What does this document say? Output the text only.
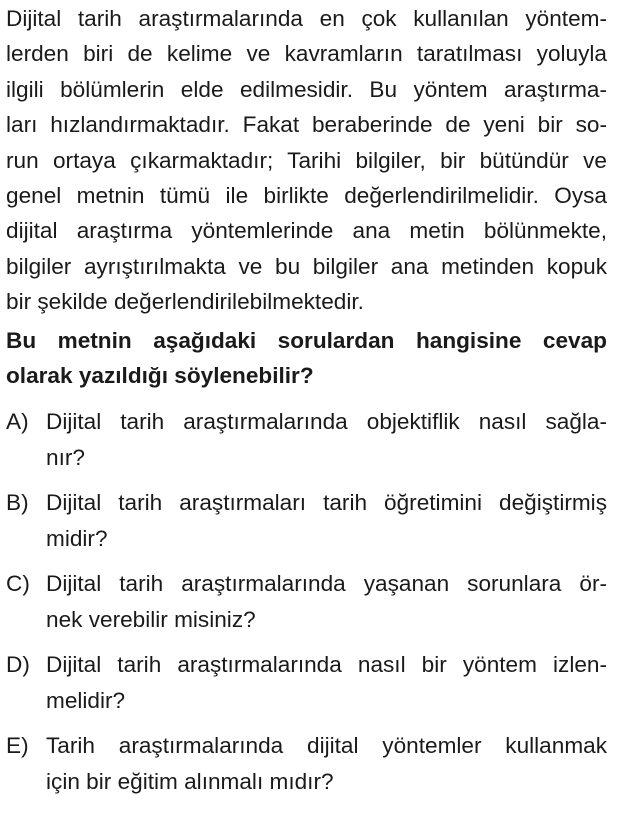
Dijital tarih araştırmalarında en çok kullanılan yöntem-
lerden biri de kelime ve kavramların taratılması yoluyla
ilgili bölümlerin elde edilmesidir. Bu yöntem araştırma-
ları hızlandırmaktadır. Fakat beraberinde de yeni bir so-
run ortaya çıkarmaktadır; Tarihi bilgiler, bir bütündür ve
genel metnin tümü ile birlikte değerlendirilmelidir. Oysa
dijital araştırma yöntemlerinde ana metin bölünmekte,
bilgiler ayrıştırılmakta ve bu bilgiler ana metinden kopuk
bir şekilde değerlendirilebilmektedir.
Bu metnin aşağıdaki sorulardan hangisine cevap
olarak yazıldığı söylenebilir?
A) Dijital tarih araştırmalarında objektiflik nasıl sağla-
nır?
B) Dijital tarih araştırmaları tarih öğretimini değiştirmiş
midir?
C) Dijital tarih araştırmalarında yaşanan sorunlara ör-
nek verebilir misiniz?
D) Dijital tarih araştırmalarında nasıl bir yöntem izlen-
melidir?
E) Tarih araştırmalarında dijital yöntemler kullanmak
için bir eğitim alınmalı mıdır?
